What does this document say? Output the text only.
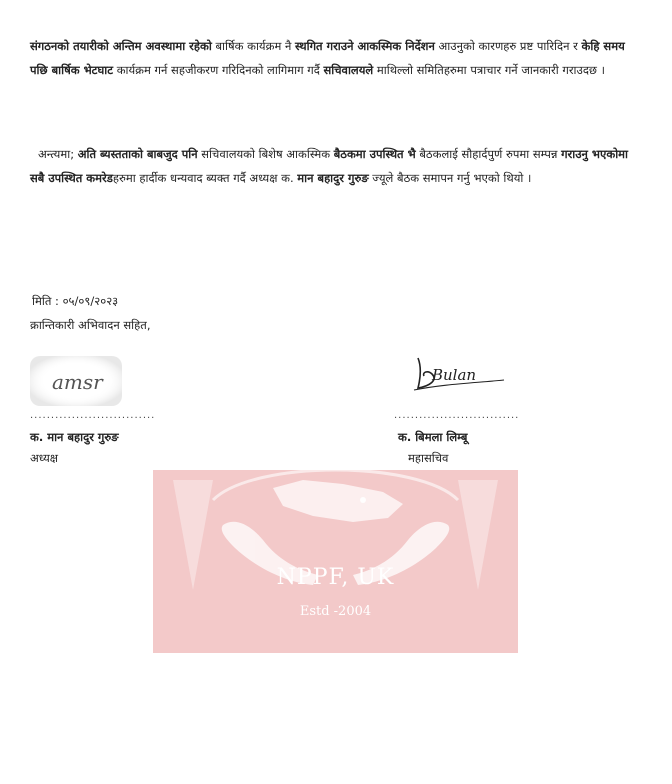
संगठनको तयारीको अन्तिम अवस्थामा रहेको बार्षिक कार्यक्रम नै स्थगित गराउने आकस्मिक निर्देशन आउनुको कारणहरु प्रष्ट पारिदिन र केहि समय पछि बार्षिक भेटघाट कार्यक्रम गर्न सहजीकरण गरिदिनको लागिमाग गर्दै सचिवालयले माथिल्लो समितिहरुमा पत्राचार गर्ने जानकारी गराउदछ ।

अन्त्यमा; अति ब्यस्तताको बाबजुद पनि सचिवालयको बिशेष आकस्मिक बैठकमा उपस्थित भै बैठकलाई सौहार्दपुर्ण रुपमा सम्पन्न गराउनु भएकोमा सबै उपस्थित कमरेडहरुमा हार्दीक धन्यवाद ब्यक्त गर्दै अध्यक्ष क. मान बहादुर गुरुङ ज्यूले बैठक समापन गर्नु भएको थियो ।

मिति : ०५/०९/२०२३
क्रान्तिकारी अभिवादन सहित,
amsr	Bulan
..............................	..............................
क. मान बहादुर गुरुङ	क. बिमला लिम्बू
अध्यक्ष	महासचिव
NPPF, UK
Estd -2004
